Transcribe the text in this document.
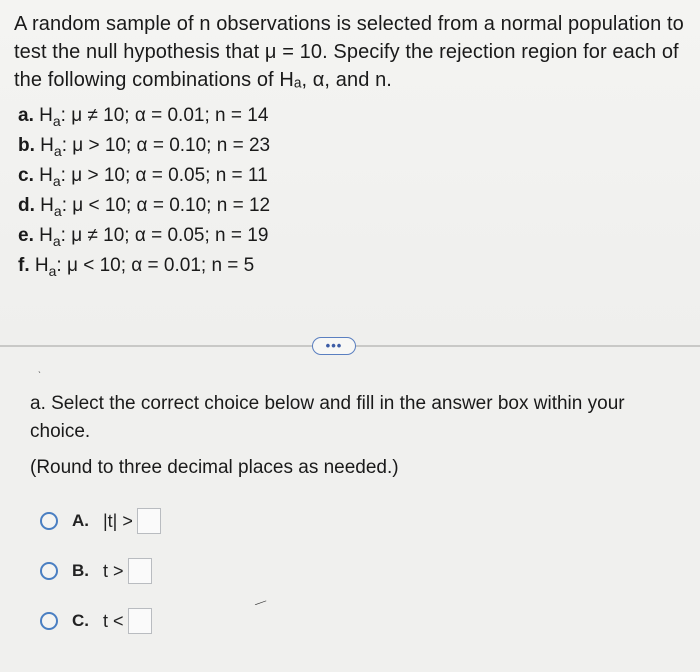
A random sample of n observations is selected from a normal population to test the null hypothesis that μ = 10. Specify the rejection region for each of the following combinations of Hₐ, α, and n.
a. $H_a$: μ ≠ 10; α = 0.01; n = 14
b. $H_a$: μ > 10; α = 0.10; n = 23
c. $H_a$: μ > 10; α = 0.05; n = 11
d. $H_a$: μ < 10; α = 0.10; n = 12
e. $H_a$: μ ≠ 10; α = 0.05; n = 19
f. $H_a$: μ < 10; α = 0.01; n = 5
•••
ˎ
a. Select the correct choice below and fill in the answer box within your choice.
(Round to three decimal places as needed.)
A. |t| >
B. t >
C. t <
⟋
